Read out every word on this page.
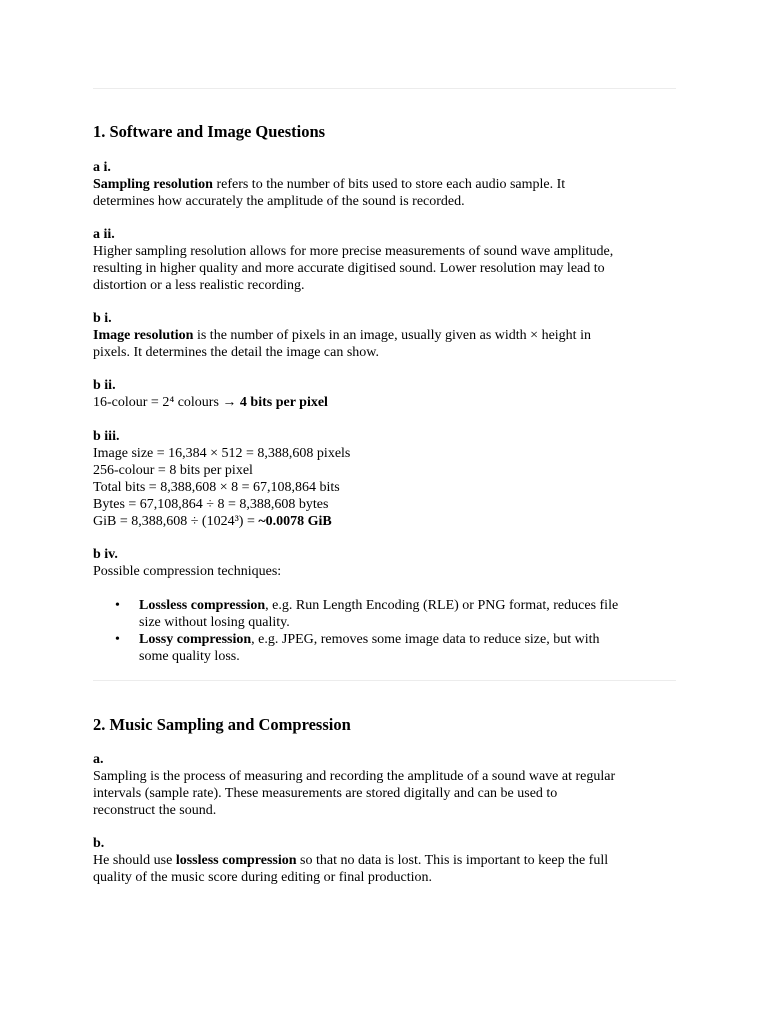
1. Software and Image Questions
a i.
Sampling resolution refers to the number of bits used to store each audio sample. It
determines how accurately the amplitude of the sound is recorded.
a ii.
Higher sampling resolution allows for more precise measurements of sound wave amplitude,
resulting in higher quality and more accurate digitised sound. Lower resolution may lead to
distortion or a less realistic recording.
b i.
Image resolution is the number of pixels in an image, usually given as width × height in
pixels. It determines the detail the image can show.
b ii.
16-colour = 2⁴ colours → 4 bits per pixel
b iii.
Image size = 16,384 × 512 = 8,388,608 pixels
256-colour = 8 bits per pixel
Total bits = 8,388,608 × 8 = 67,108,864 bits
Bytes = 67,108,864 ÷ 8 = 8,388,608 bytes
GiB = 8,388,608 ÷ (1024³) = ~0.0078 GiB
b iv.
Possible compression techniques:
• Lossless compression, e.g. Run Length Encoding (RLE) or PNG format, reduces file
size without losing quality.
• Lossy compression, e.g. JPEG, removes some image data to reduce size, but with
some quality loss.
2. Music Sampling and Compression
a.
Sampling is the process of measuring and recording the amplitude of a sound wave at regular
intervals (sample rate). These measurements are stored digitally and can be used to
reconstruct the sound.
b.
He should use lossless compression so that no data is lost. This is important to keep the full
quality of the music score during editing or final production.
